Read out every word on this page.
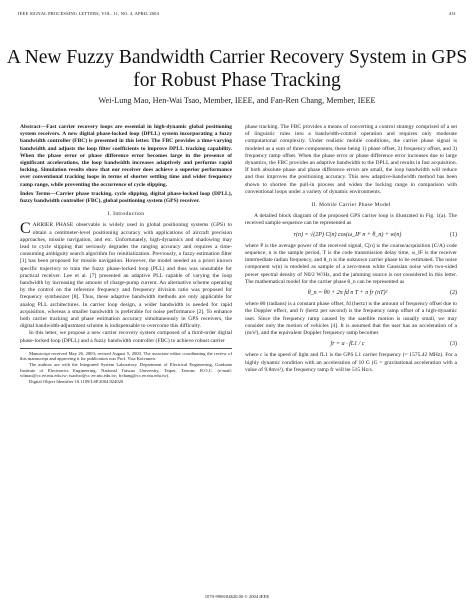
IEEE SIGNAL PROCESSING LETTERS, VOL. 11, NO. 4, APRIL 2004	431
A New Fuzzy Bandwidth Carrier Recovery System in GPS for Robust Phase Tracking
Wei-Lung Mao, Hen-Wai Tsao, Member, IEEE, and Fan-Ren Chang, Member, IEEE

Abstract—Fast carrier recovery loops are essential in high-dynamic global positioning system receivers. A new digital phase-locked loop (DPLL) system incorporating a fuzzy bandwidth controller (FBC) is presented in this letter. The FBC provides a time-varying bandwidth and adjusts the loop filter coefficients to improve DPLL tracking capability. When the phase error or phase difference error becomes large in the presence of significant accelerations, the loop bandwidth increases adaptively and performs rapid locking. Simulation results show that our receiver does achieve a superior performance over conventional tracking loops in terms of shorter settling time and wider frequency ramp range, while preventing the occurrence of cycle slipping.

Index Terms—Carrier phase tracking, cycle slipping, digital phase-locked loop (DPLL), fuzzy bandwidth controller (FBC), global positioning system (GPS) receiver.

I. Introduction

CARRIER PHASE observable is widely used in global positioning systems (GPS) to obtain a centimeter-level positioning accuracy with applications of aircraft precision approaches, missile navigation, and etc. Unfortunately, high-dynamics and shadowing may lead to cycle slipping that seriously degrades the ranging accuracy and requires a time-consuming ambiguity search algorithm for reinitialization. Previously, a fuzzy estimation filter [1] has been proposed for missile navigation. However, the model needed an a priori known specific trajectory to train the fuzzy phase-locked loop (PLL) and thus was unsuitable for practical receiver. Lee et al. [7] presented an adaptive PLL capable of varying the loop bandwidth by increasing the amount of charge-pump current. An alternative scheme operating by the control on the reference frequency and frequency division ratio was proposed for frequency synthesizer [8]. Thus, these adaptive bandwidth methods are only applicable for analog PLL architectures. In carrier loop design, a wider bandwidth is needed for rapid acquisition, whereas a smaller bandwidth is preferable for noise performance [2]. To enhance both carrier tracking and phase estimation accuracy simultaneously in GPS receivers, the digital bandwidth-adjustment scheme is indispensable to overcome this difficulty.

In this letter, we propose a new carrier recovery system composed of a third-order digital phase-locked loop (DPLL) and a fuzzy bandwidth controller (FBC) to achieve robust carrier

Manuscript received May 26, 2003; revised August 5, 2003. The associate editor coordinating the review of this manuscript and approving it for publication was Prof. Visa Koivunen.

The authors are with the Integrated System Laboratory, Department of Electrical Engineering, Graduate Institute of Electronics Engineering, National Taiwan University, Taipei, Taiwan, R.O.C. (e-mail: wlmao@cc.ee.ntu.edu.tw; tsaohw@cc.ee.ntu.edu.tw; frchang@cc.ee.ntu.edu.tw).

Digital Object Identifier 10.1109/LSP.2004.824020

phase tracking. The FBC provides a means of converting a control strategy comprised of a set of linguistic rules into a bandwidth-control operation and requires only moderate computational complexity. Under realistic mobile conditions, the carrier phase signal is modeled as a sum of three components, these being 1) phase offset, 2) frequency offset, and 3) frequency ramp offset. When the phase error or phase difference error increases due to large dynamics, the FBC provides an adaptive bandwidth to the DPLL and results in fast acquisition. If both absolute phase and phase difference errors are small, the loop bandwidth will reduce and thus improves the positioning accuracy. This new adaptive-bandwidth method has been shown to shorten the pull-in process and widen the locking range in comparison with conventional loops under a variety of dynamic environments.

II. Mobile Carrier Phase Model

A detailed block diagram of the proposed GPS carrier loop is illustrated in Fig. 1(a). The received sample sequence can be represented as

r(n) = √(2P) C(n) cos(ω_IF n + θ_n) + w(n)	(1)

where P is the average power of the received signal, C[n] is the coarse/acquisition (C/A) code sequence, n is the sample period, T is the code transmission delay time, ω_IF is the receiver intermediate radian frequency, and θ_n is the unknown carrier phase to be estimated. The noise component w(n) is modeled as sample of a zero-mean white Gaussian noise with two-sided power spectral density of N0/2 W/Hz, and the jamming source is not considered in this letter. The mathematical model for the carrier phase θ_n can be represented as

θ_n = θ0 + 2π fd n T + π fr (nT)²	(2)

where θ0 (radians) is a constant phase offset, fd (hertz) is the amount of frequency offset due to the Doppler effect, and fr (hertz per second) is the frequency ramp offset of a high-dynamic user. Since the frequency ramp caused by the satellite motion is usually small, we may consider only the motion of vehicles [4]. It is assumed that the user has an acceleration of a (m/s²), and the equivalent Doppler frequency ramp becomes

fr = a · fL1 / c	(3)

where c is the speed of light and fL1 is the GPS L1 carrier frequency (= 1575.42 MHz). For a highly dynamic condition with an acceleration of 10 G (G = gravitational acceleration with a value of 9.8m/s²), the frequency ramp fr will be 515 Hz/s.

1070-9908/04$20.00 © 2004 IEEE
